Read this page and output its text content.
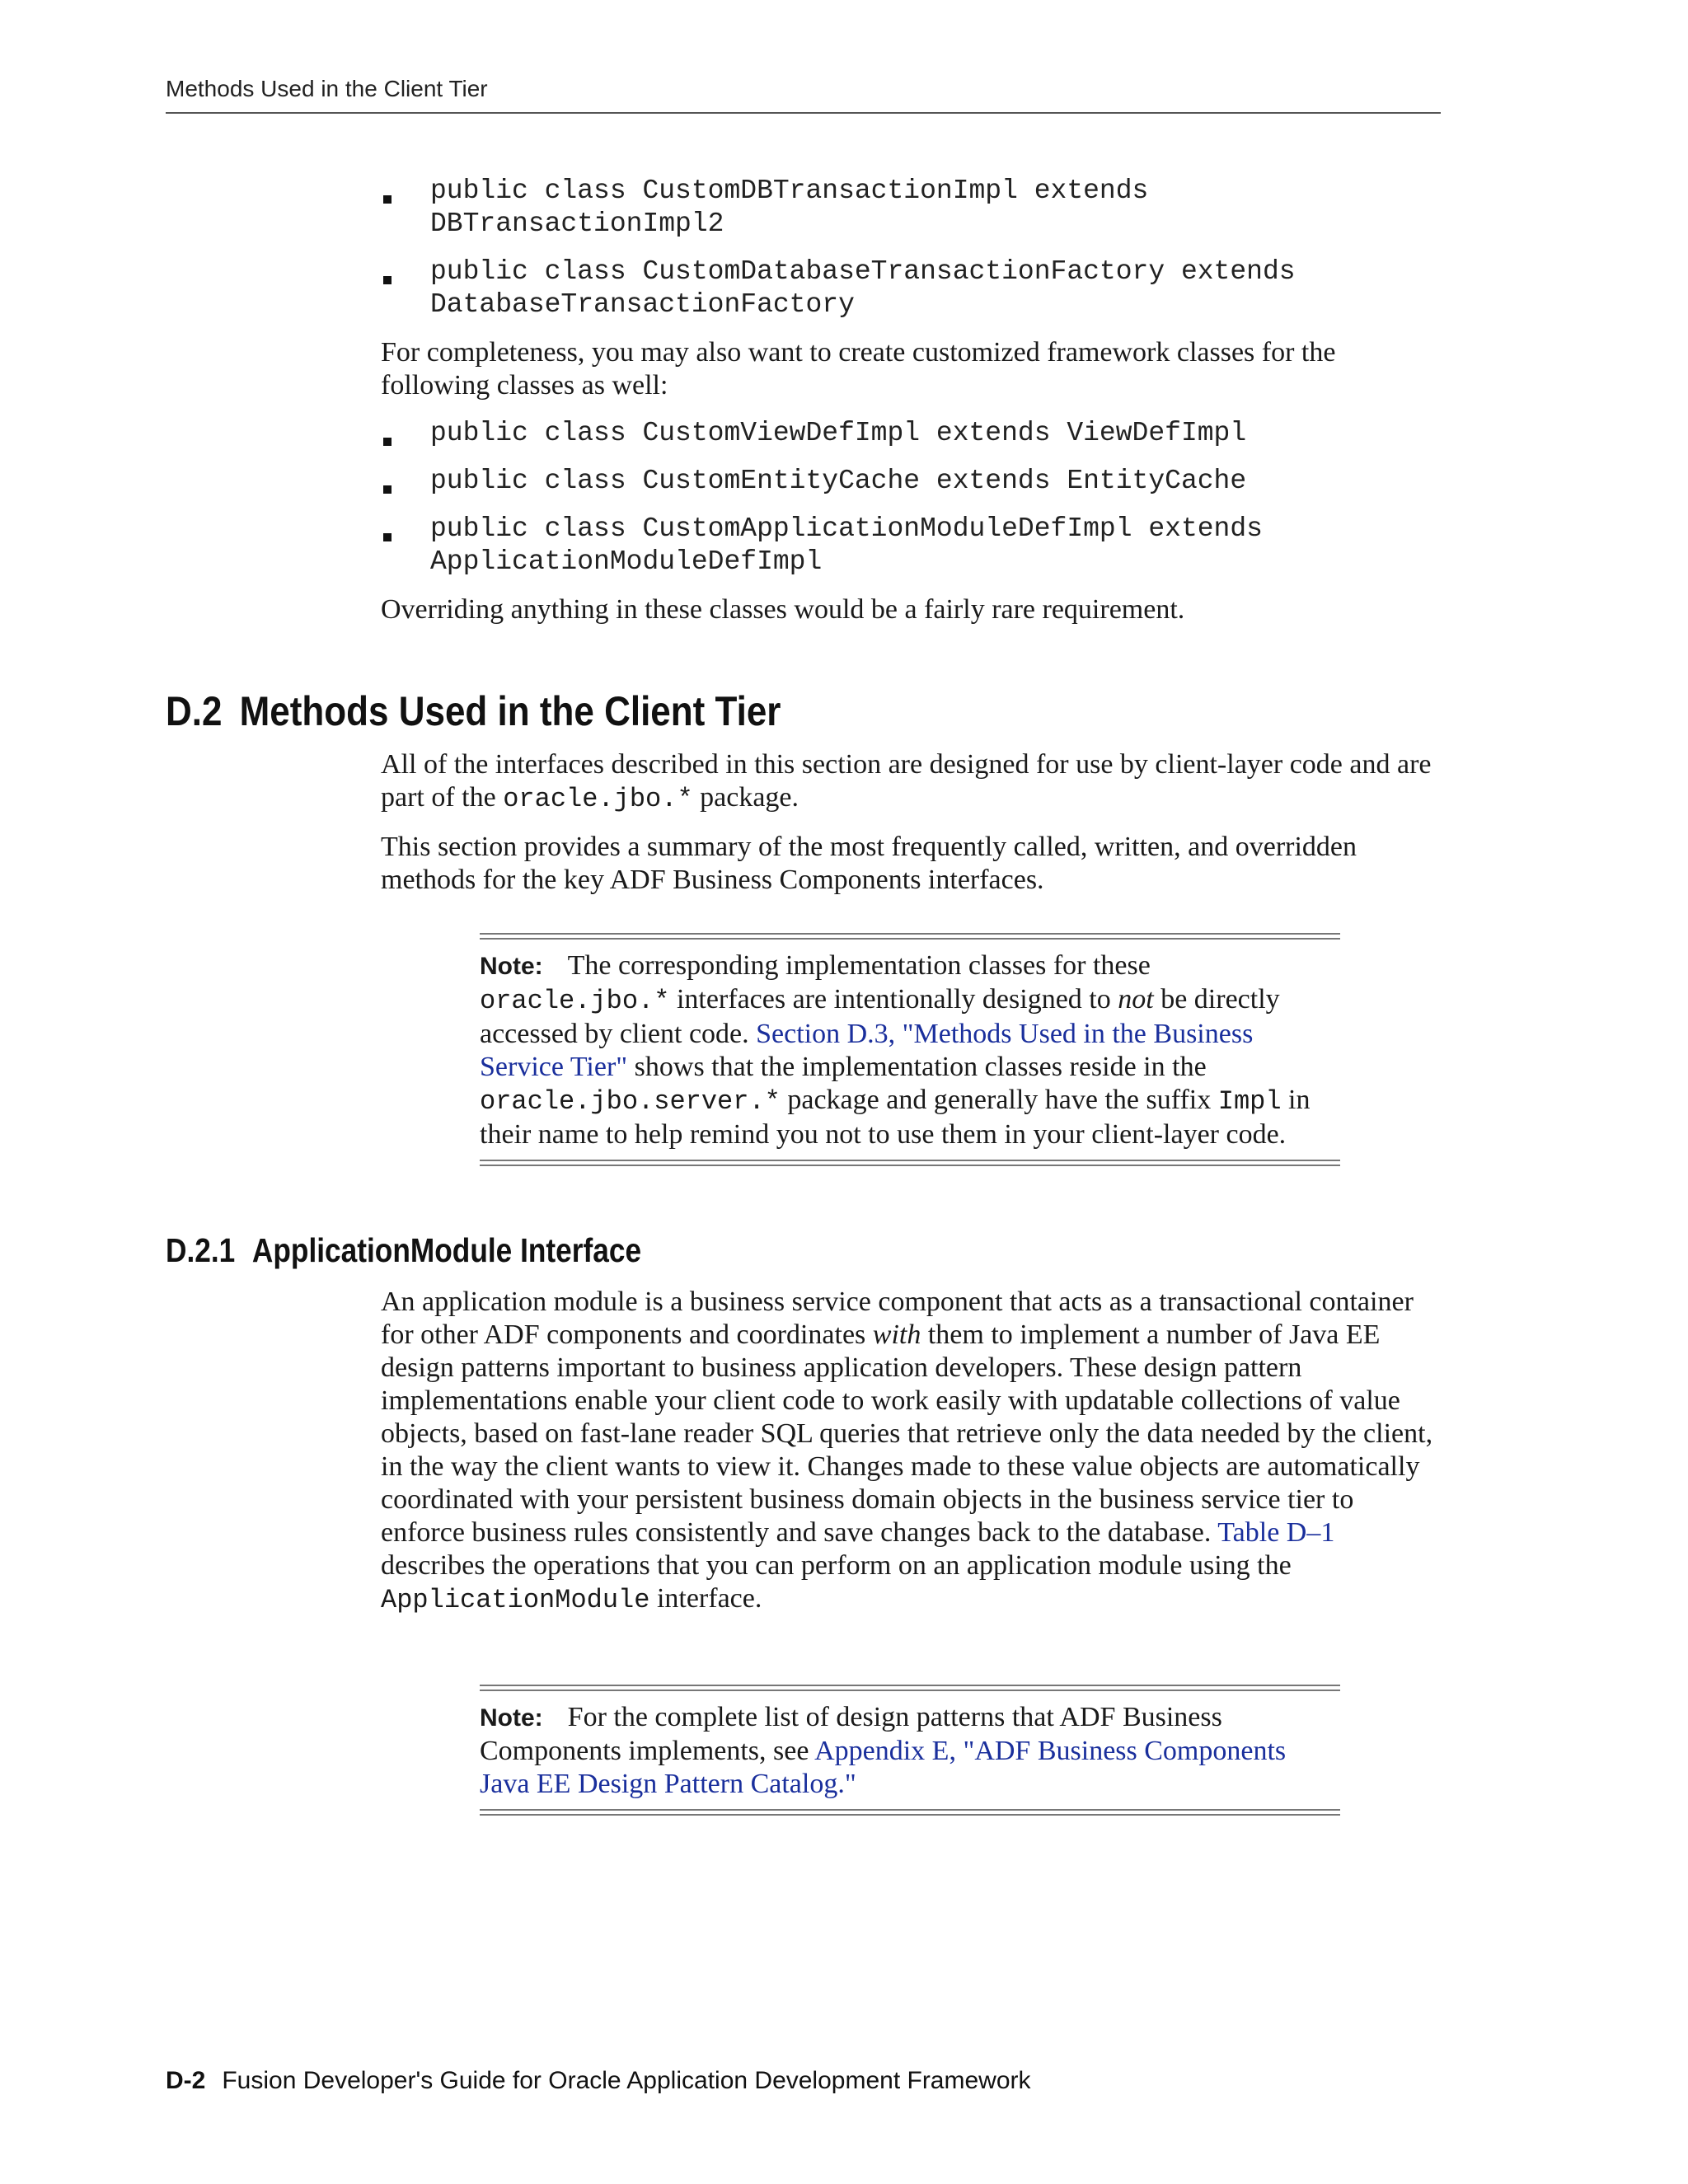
Methods Used in the Client Tier
public class CustomDBTransactionImpl extends
DBTransactionImpl2
public class CustomDatabaseTransactionFactory extends
DatabaseTransactionFactory

For completeness, you may also want to create customized framework classes for the following classes as well:

public class CustomViewDefImpl extends ViewDefImpl
public class CustomEntityCache extends EntityCache
public class CustomApplicationModuleDefImpl extends
ApplicationModuleDefImpl

Overriding anything in these classes would be a fairly rare requirement.

D.2 Methods Used in the Client Tier

All of the interfaces described in this section are designed for use by client-layer code and are part of the oracle.jbo.* package.

This section provides a summary of the most frequently called, written, and overridden methods for the key ADF Business Components interfaces.

Note: The corresponding implementation classes for these oracle.jbo.* interfaces are intentionally designed to not be directly accessed by client code. Section D.3, "Methods Used in the Business Service Tier" shows that the implementation classes reside in the oracle.jbo.server.* package and generally have the suffix Impl in their name to help remind you not to use them in your client-layer code.
D.2.1 ApplicationModule Interface

An application module is a business service component that acts as a transactional container for other ADF components and coordinates with them to implement a number of Java EE design patterns important to business application developers. These design pattern implementations enable your client code to work easily with updatable collections of value objects, based on fast-lane reader SQL queries that retrieve only the data needed by the client, in the way the client wants to view it. Changes made to these value objects are automatically coordinated with your persistent business domain objects in the business service tier to enforce business rules consistently and save changes back to the database. Table D–1 describes the operations that you can perform on an application module using the ApplicationModule interface.

Note: For the complete list of design patterns that ADF Business Components implements, see Appendix E, "ADF Business Components Java EE Design Pattern Catalog."
D-2 Fusion Developer's Guide for Oracle Application Development Framework
